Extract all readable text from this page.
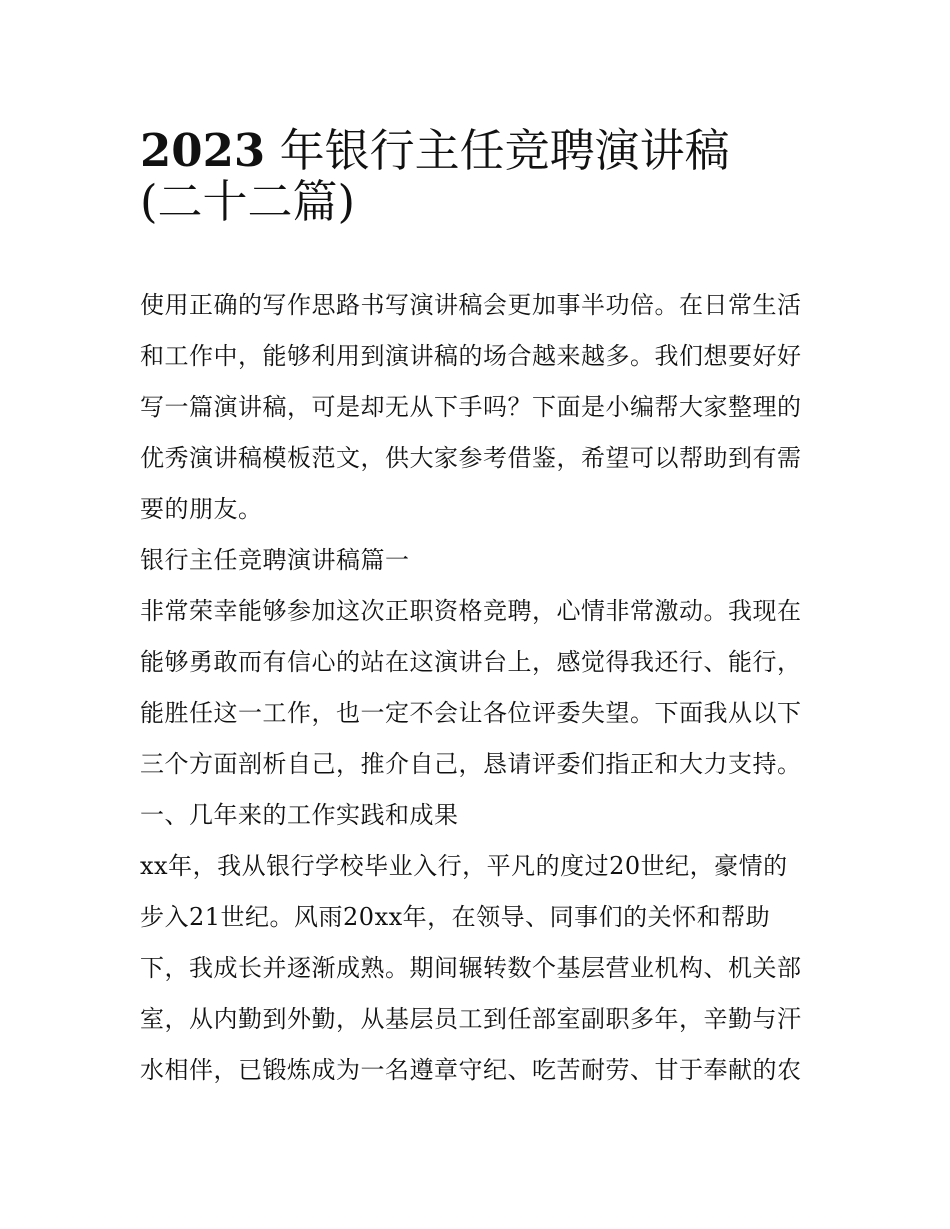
2023 年银行主任竞聘演讲稿
(二十二篇)
使用正确的写作思路书写演讲稿会更加事半功倍。在日常生活
和工作中，能够利用到演讲稿的场合越来越多。我们想要好好
写一篇演讲稿，可是却无从下手吗？下面是小编帮大家整理的
优秀演讲稿模板范文，供大家参考借鉴，希望可以帮助到有需
要的朋友。
银行主任竞聘演讲稿篇一
非常荣幸能够参加这次正职资格竞聘，心情非常激动。我现在
能够勇敢而有信心的站在这演讲台上，感觉得我还行、能行，
能胜任这一工作，也一定不会让各位评委失望。下面我从以下
三个方面剖析自己，推介自己，恳请评委们指正和大力支持。
一、几年来的工作实践和成果
xx年，我从银行学校毕业入行，平凡的度过20世纪，豪情的
步入21世纪。风雨20xx年，在领导、同事们的关怀和帮助
下，我成长并逐渐成熟。期间辗转数个基层营业机构、机关部
室，从内勤到外勤，从基层员工到任部室副职多年，辛勤与汗
水相伴，已锻炼成为一名遵章守纪、吃苦耐劳、甘于奉献的农
